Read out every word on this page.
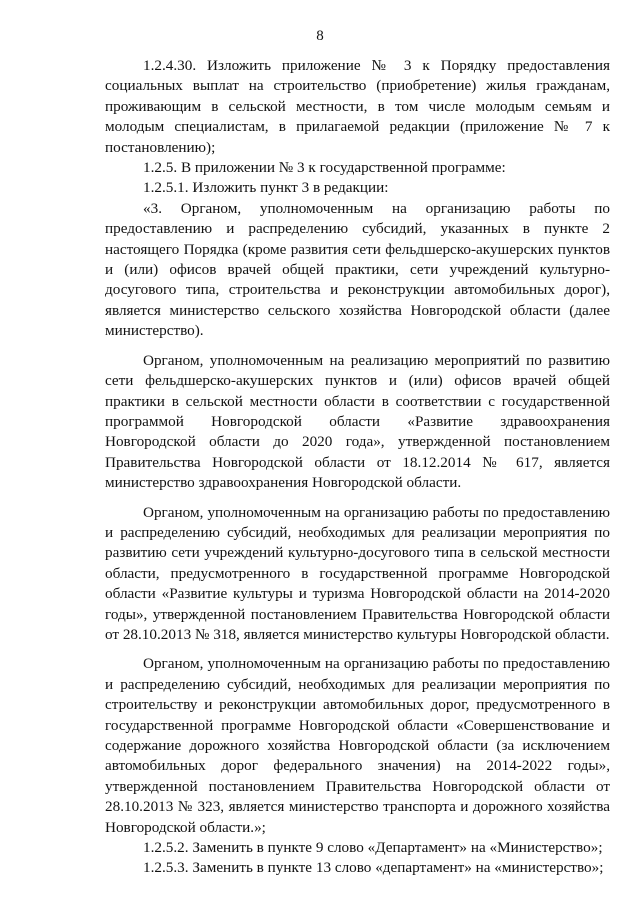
8

1.2.4.30. Изложить приложение № 3 к Порядку предоставления социальных выплат на строительство (приобретение) жилья гражданам, проживающим в сельской местности, в том числе молодым семьям и молодым специалистам, в прилагаемой редакции (приложение № 7 к постановлению);

1.2.5. В приложении № 3 к государственной программе:

1.2.5.1. Изложить пункт 3 в редакции:

«3. Органом, уполномоченным на организацию работы по предоставлению и распределению субсидий, указанных в пункте 2 настоящего Порядка (кроме развития сети фельдшерско-акушерских пунктов и (или) офисов врачей общей практики, сети учреждений культурно-досугового типа, строительства и реконструкции автомобильных дорог), является министерство сельского хозяйства Новгородской области (далее министерство).

Органом, уполномоченным на реализацию мероприятий по развитию сети фельдшерско-акушерских пунктов и (или) офисов врачей общей практики в сельской местности области в соответствии с государственной программой Новгородской области «Развитие здравоохранения Новгородской области до 2020 года», утвержденной постановлением Правительства Новгородской области от 18.12.2014 № 617, является министерство здравоохранения Новгородской области.

Органом, уполномоченным на организацию работы по предоставлению и распределению субсидий, необходимых для реализации мероприятия по развитию сети учреждений культурно-досугового типа в сельской местности области, предусмотренного в государственной программе Новгородской области «Развитие культуры и туризма Новгородской области на 2014-2020 годы», утвержденной постановлением Правительства Новгородской области от 28.10.2013 № 318, является министерство культуры Новгородской области.

Органом, уполномоченным на организацию работы по предоставлению и распределению субсидий, необходимых для реализации мероприятия по строительству и реконструкции автомобильных дорог, предусмотренного в государственной программе Новгородской области «Совершенствование и содержание дорожного хозяйства Новгородской области (за исключением автомобильных дорог федерального значения) на 2014-2022 годы», утвержденной постановлением Правительства Новгородской области от 28.10.2013 № 323, является министерство транспорта и дорожного хозяйства Новгородской области.»;

1.2.5.2. Заменить в пункте 9 слово «Департамент» на «Министерство»;

1.2.5.3. Заменить в пункте 13 слово «департамент» на «министерство»;
